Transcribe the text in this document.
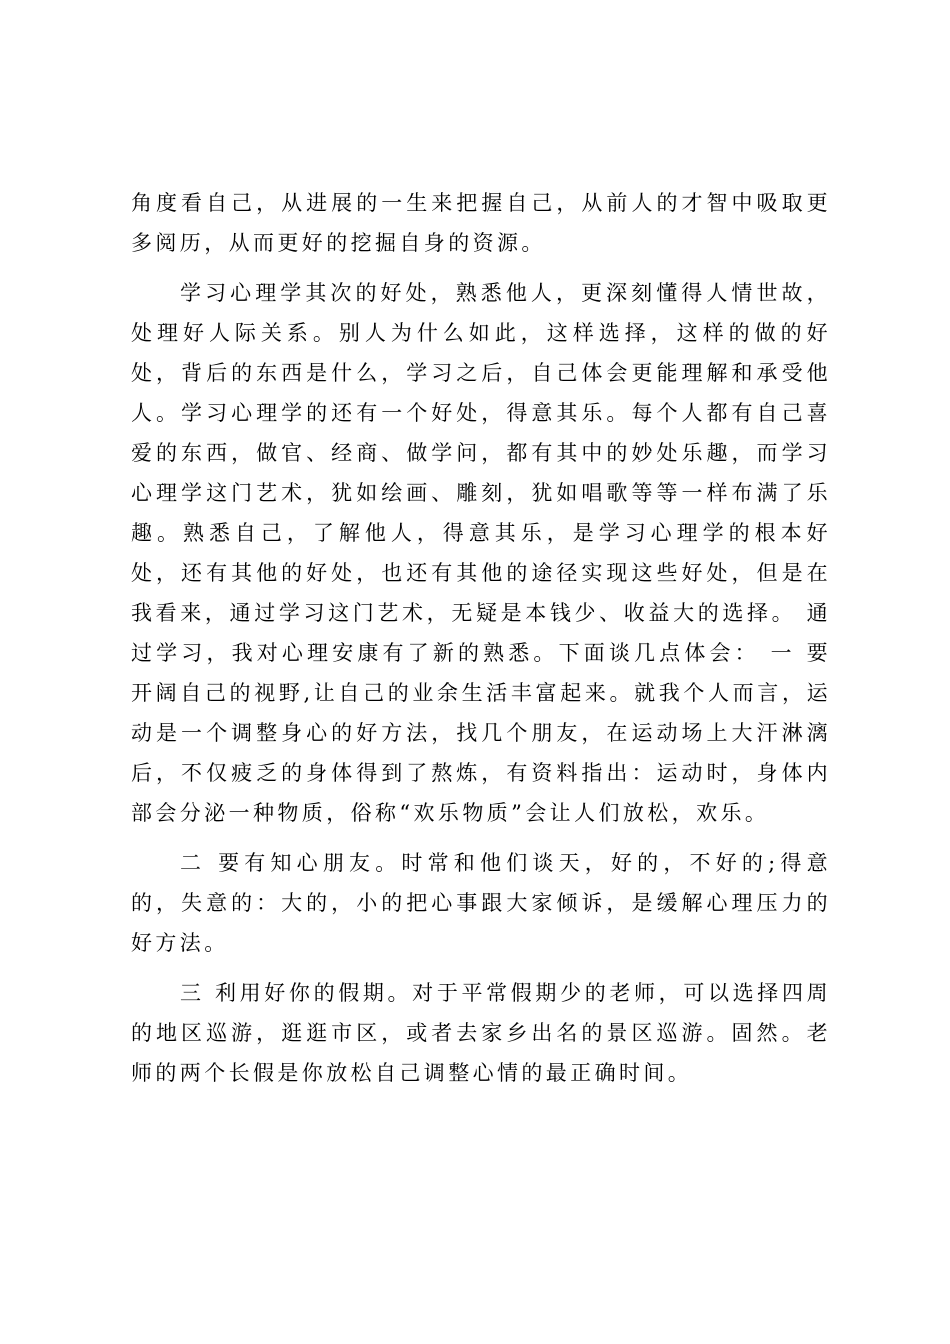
角度看自己，从进展的一生来把握自己，从前人的才智中吸取更多阅历，从而更好的挖掘自身的资源。

学习心理学其次的好处，熟悉他人，更深刻懂得人情世故，处理好人际关系。别人为什么如此，这样选择，这样的做的好处，背后的东西是什么，学习之后，自己体会更能理解和承受他人。学习心理学的还有一个好处，得意其乐。每个人都有自己喜爱的东西，做官、经商、做学问，都有其中的妙处乐趣，而学习心理学这门艺术，犹如绘画、雕刻，犹如唱歌等等一样布满了乐趣。熟悉自己，了解他人，得意其乐，是学习心理学的根本好处，还有其他的好处，也还有其他的途径实现这些好处，但是在我看来，通过学习这门艺术，无疑是本钱少、收益大的选择。 通过学习，我对心理安康有了新的熟悉。下面谈几点体会： 一 要开阔自己的视野,让自己的业余生活丰富起来。就我个人而言，运动是一个调整身心的好方法，找几个朋友，在运动场上大汗淋漓后，不仅疲乏的身体得到了熬炼，有资料指出：运动时，身体内部会分泌一种物质，俗称“欢乐物质”会让人们放松，欢乐。

二 要有知心朋友。时常和他们谈天，好的，不好的;得意的，失意的：大的，小的把心事跟大家倾诉，是缓解心理压力的好方法。

三 利用好你的假期。对于平常假期少的老师，可以选择四周的地区巡游，逛逛市区，或者去家乡出名的景区巡游。固然。老师的两个长假是你放松自己调整心情的最正确时间。
